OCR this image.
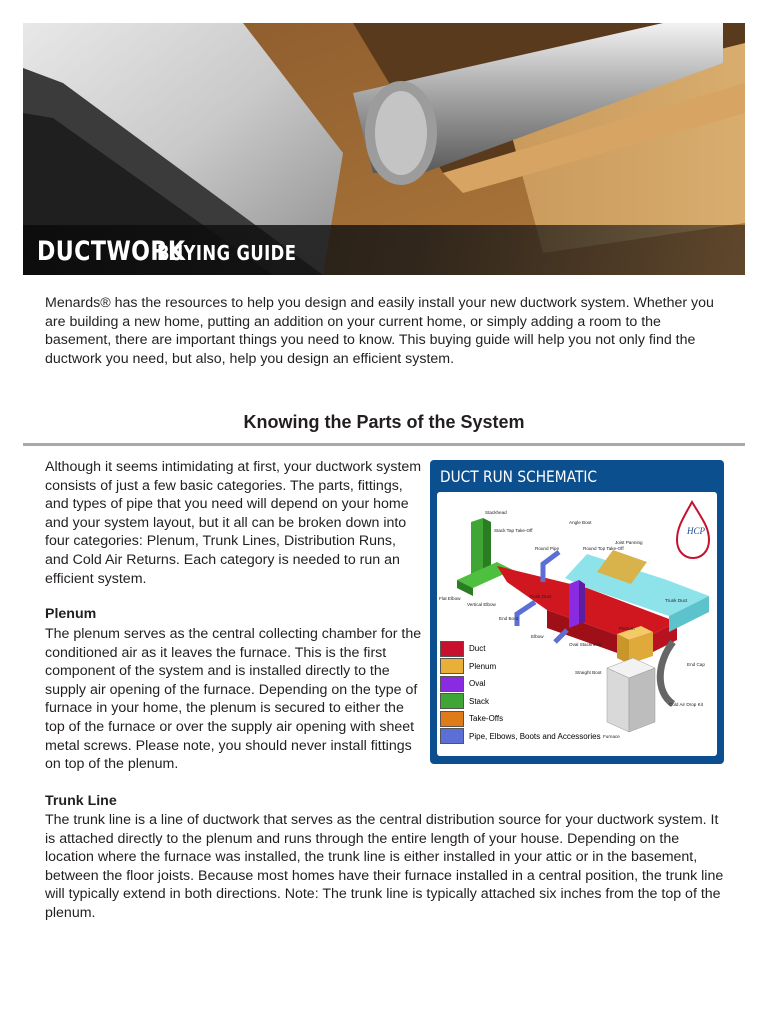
DUCTWORK
BUYING GUIDE

Menards® has the resources to help you design and easily install your new ductwork system. Whether you are building a new home, putting an addition on your current home, or simply adding a room to the basement, there are important things you need to know. This buying guide will help you not only find the ductwork you need, but also, help you design an efficient system.

Knowing the Parts of the System

Although it seems intimidating at first, your ductwork system consists of just a few basic categories. The parts, fittings, and types of pipe that you need will depend on your home and your system layout, but it all can be broken down into four categories: Plenum, Trunk Lines, Distribution Runs, and Cold Air Returns. Each category is needed to run an efficient system.

Plenum

The plenum serves as the central collecting chamber for the conditioned air as it leaves the furnace. This is the first component of the system and is installed directly to the supply air opening of the furnace. Depending on the type of furnace in your home, the plenum is secured to either the top of the furnace or over the supply air opening with sheet metal screws. Please note, you should never install fittings on top of the plenum.

Trunk Line

The trunk line is a line of ductwork that serves as the central distribution source for your ductwork system. It is attached directly to the plenum and runs through the entire length of your house. Depending on the location where the furnace was installed, the trunk line is either installed in your attic or in the basement, between the floor joists. Because most homes have their furnace installed in a central position, the trunk line will typically extend in both directions. Note: The trunk line is typically attached six inches from the top of the plenum.

DUCT RUN SCHEMATIC
HCP
Stackhead
Stack Tap Take-Off
Angle Boot
Round Pipe	Round Top Take-Off
Joist Panning
Flat Elbow
Vertical Elbow
Trunk Duct
Trunk Duct
End Boot
Elbow
Oval Stackhead
Plenum
Straight Boot
End Cap
Furnace
Cold Air Drop Kit
Duct
Plenum
Oval
Stack
Take-Offs
Pipe, Elbows, Boots and Accessories
